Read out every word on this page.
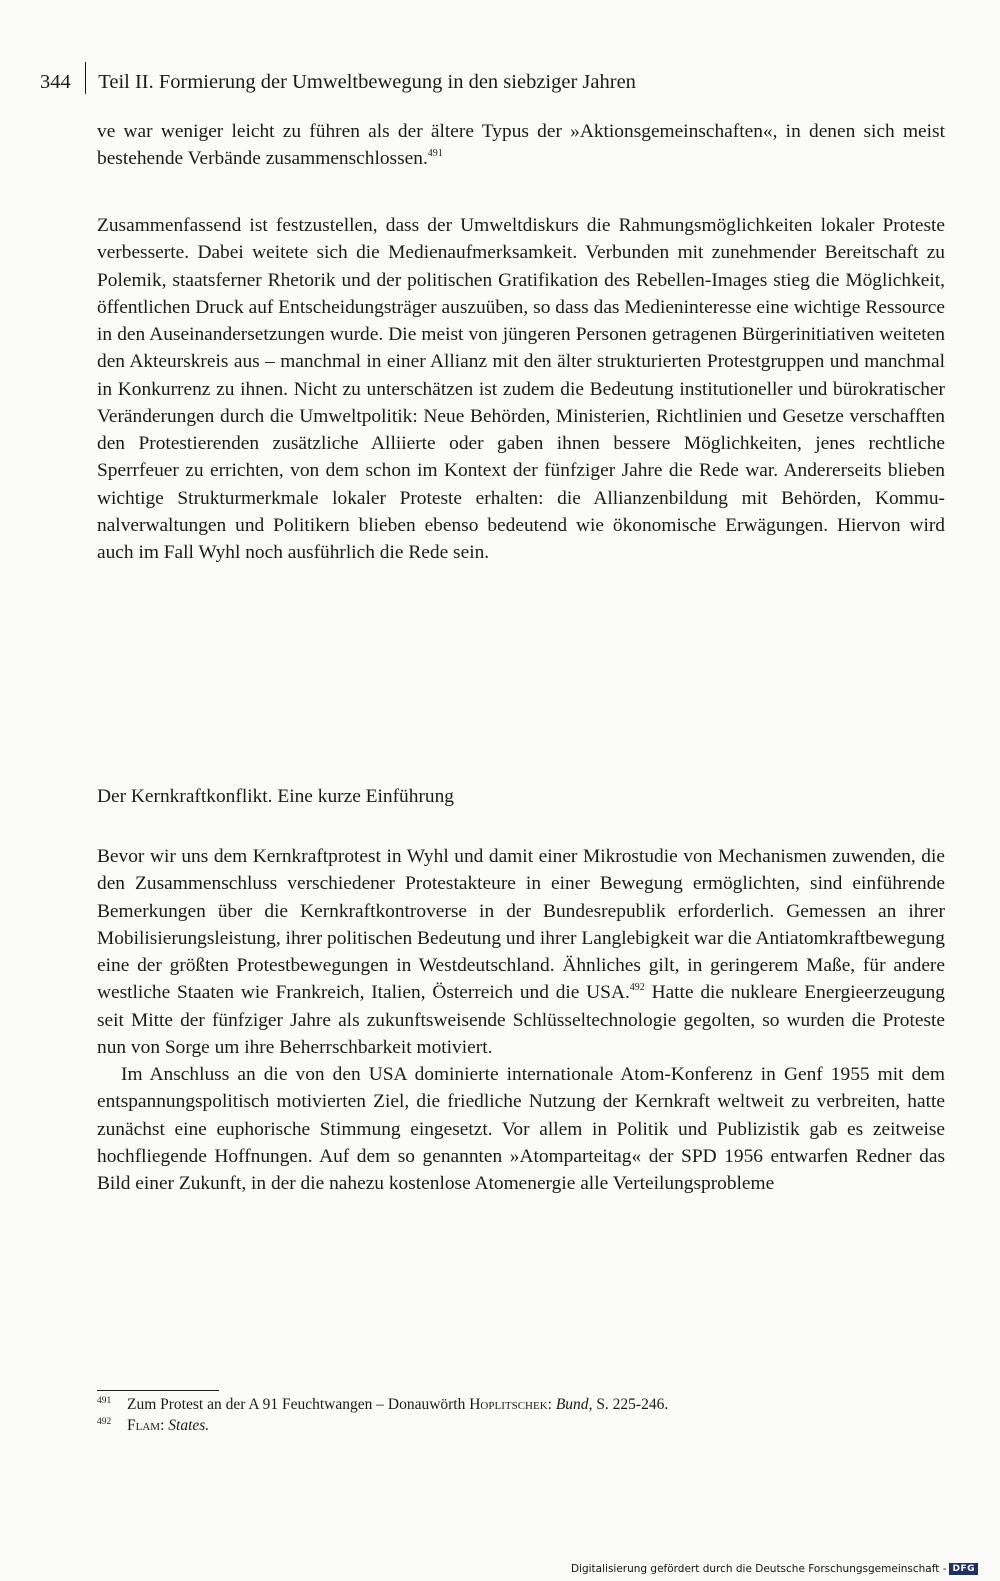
344 Teil II. Formierung der Umweltbewegung in den siebziger Jahren

ve war weniger leicht zu führen als der ältere Typus der »Aktionsgemeinschaften«, in denen sich meist bestehende Verbände zusammenschlossen.$^{491}$

Zusammenfassend ist festzustellen, dass der Umweltdiskurs die Rahmungsmöglichkeiten lokaler Proteste verbesserte. Dabei weitete sich die Medienaufmerksamkeit. Verbunden mit zunehmender Bereitschaft zu Polemik, staatsferner Rhetorik und der politischen Gratifikation des Rebellen-Images stieg die Möglichkeit, öffentlichen Druck auf Entscheidungsträger auszuüben, so dass das Medieninteresse eine wichtige Ressource in den Auseinandersetzungen wurde. Die meist von jüngeren Personen getragenen Bürgerinitiativen weiteten den Akteurskreis aus – manchmal in einer Allianz mit den älter strukturierten Protestgruppen und manchmal in Konkurrenz zu ihnen. Nicht zu unterschätzen ist zudem die Bedeutung institutioneller und bürokratischer Veränderungen durch die Umweltpolitik: Neue Behörden, Ministerien, Richtlinien und Gesetze verschafften den Protestierenden zusätzliche Alliierte oder gaben ihnen bessere Möglichkeiten, jenes rechtliche Sperrfeuer zu errichten, von dem schon im Kontext der fünfziger Jahre die Rede war. Andererseits blieben wichtige Strukturmerkmale lokaler Proteste erhalten: die Allianzenbildung mit Behörden, Kommunalverwaltungen und Politikern blieben ebenso bedeutend wie ökonomische Erwägungen. Hiervon wird auch im Fall Wyhl noch ausführlich die Rede sein.

Der Kernkraftkonflikt. Eine kurze Einführung

Bevor wir uns dem Kernkraftprotest in Wyhl und damit einer Mikrostudie von Mechanismen zuwenden, die den Zusammenschluss verschiedener Protestakteure in einer Bewegung ermöglichten, sind einführende Bemerkungen über die Kernkraftkontroverse in der Bundesrepublik erforderlich. Gemessen an ihrer Mobilisierungsleistung, ihrer politischen Bedeutung und ihrer Langlebigkeit war die Antiatomkraftbewegung eine der größten Protestbewegungen in Westdeutschland. Ähnliches gilt, in geringerem Maße, für andere westliche Staaten wie Frankreich, Italien, Österreich und die USA.$^{492}$ Hatte die nukleare Energieerzeugung seit Mitte der fünfziger Jahre als zukunftsweisende Schlüsseltechnologie gegolten, so wurden die Proteste nun von Sorge um ihre Beherrschbarkeit motiviert.

Im Anschluss an die von den USA dominierte internationale Atom-Konferenz in Genf 1955 mit dem entspannungspolitisch motivierten Ziel, die friedliche Nutzung der Kernkraft weltweit zu verbreiten, hatte zunächst eine euphorische Stimmung eingesetzt. Vor allem in Politik und Publizistik gab es zeitweise hochfliegende Hoffnungen. Auf dem so genannten »Atomparteitag« der SPD 1956 entwarfen Redner das Bild einer Zukunft, in der die nahezu kostenlose Atomenergie alle Verteilungsprobleme

491	Zum Protest an der A 91 Feuchtwangen – Donauwörth Hoplitschek: Bund, S. 225-246.
492	Flam: States.
Digitalisierung gefördert durch die Deutsche Forschungsgemeinschaft - DFG
